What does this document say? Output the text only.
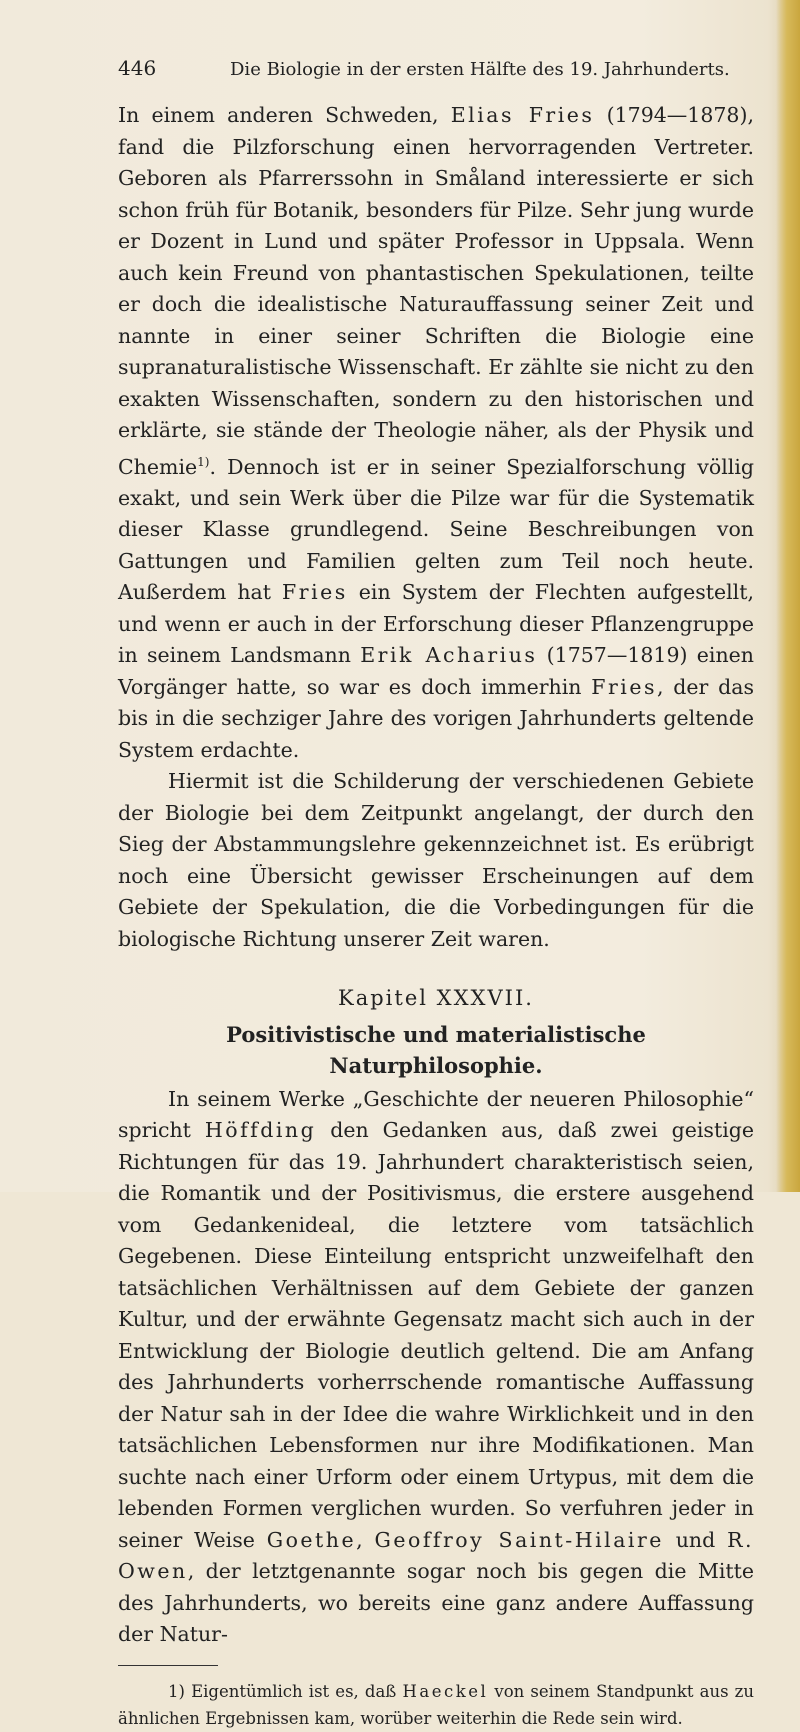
446	Die Biologie in der ersten Hälfte des 19. Jahrhunderts.

In einem anderen Schweden, Elias Fries (1794—1878), fand die Pilzforschung einen hervorragenden Vertreter. Geboren als Pfarrerssohn in Småland interessierte er sich schon früh für Botanik, besonders für Pilze. Sehr jung wurde er Dozent in Lund und später Professor in Uppsala. Wenn auch kein Freund von phantastischen Spekulationen, teilte er doch die idealistische Naturauffassung seiner Zeit und nannte in einer seiner Schriften die Biologie eine supranaturalistische Wissenschaft. Er zählte sie nicht zu den exakten Wissenschaften, sondern zu den historischen und erklärte, sie stände der Theologie näher, als der Physik und Chemie$^{1)}$. Dennoch ist er in seiner Spezialforschung völlig exakt, und sein Werk über die Pilze war für die Systematik dieser Klasse grundlegend. Seine Beschreibungen von Gattungen und Familien gelten zum Teil noch heute. Außerdem hat Fries ein System der Flechten aufgestellt, und wenn er auch in der Erforschung dieser Pflanzengruppe in seinem Landsmann Erik Acharius (1757—1819) einen Vorgänger hatte, so war es doch immerhin Fries, der das bis in die sechziger Jahre des vorigen Jahrhunderts geltende System erdachte.

Hiermit ist die Schilderung der verschiedenen Gebiete der Biologie bei dem Zeitpunkt angelangt, der durch den Sieg der Abstammungslehre gekennzeichnet ist. Es erübrigt noch eine Übersicht gewisser Erscheinungen auf dem Gebiete der Spekulation, die die Vorbedingungen für die biologische Richtung unserer Zeit waren.

Kapitel XXXVII.
Positivistische und materialistische Naturphilosophie.

In seinem Werke „Geschichte der neueren Philosophie“ spricht Höffding den Gedanken aus, daß zwei geistige Richtungen für das 19. Jahrhundert charakteristisch seien, die Romantik und der Positivismus, die erstere ausgehend vom Gedankenideal, die letztere vom tatsächlich Gegebenen. Diese Einteilung entspricht unzweifelhaft den tatsächlichen Verhältnissen auf dem Gebiete der ganzen Kultur, und der erwähnte Gegensatz macht sich auch in der Entwicklung der Biologie deutlich geltend. Die am Anfang des Jahrhunderts vorherrschende romantische Auffassung der Natur sah in der Idee die wahre Wirklichkeit und in den tatsächlichen Lebensformen nur ihre Modifikationen. Man suchte nach einer Urform oder einem Urtypus, mit dem die lebenden Formen verglichen wurden. So verfuhren jeder in seiner Weise Goethe, Geoffroy Saint-Hilaire und R. Owen, der letztgenannte sogar noch bis gegen die Mitte des Jahrhunderts, wo bereits eine ganz andere Auffassung der Natur-

1) Eigentümlich ist es, daß Haeckel von seinem Standpunkt aus zu ähnlichen Ergebnissen kam, worüber weiterhin die Rede sein wird.
